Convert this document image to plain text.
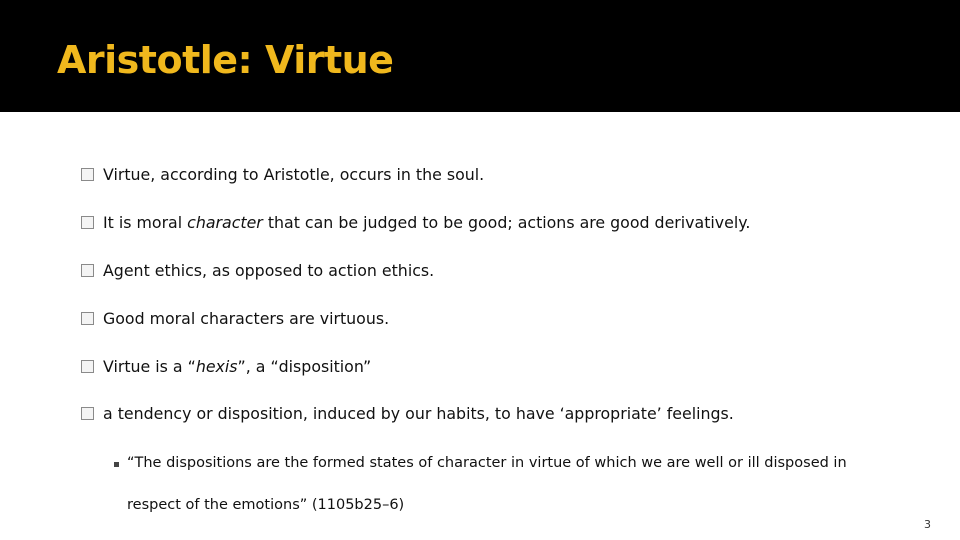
Aristotle: Virtue
Virtue, according to Aristotle, occurs in the soul.
It is moral character that can be judged to be good; actions are good derivatively.
Agent ethics, as opposed to action ethics.
Good moral characters are virtuous.
Virtue is a “hexis”, a “disposition”
a tendency or disposition, induced by our habits, to have ‘appropriate’ feelings.
“The dispositions are the formed states of character in virtue of which we are well or ill disposed in respect of the emotions” (1105b25–6)
3
